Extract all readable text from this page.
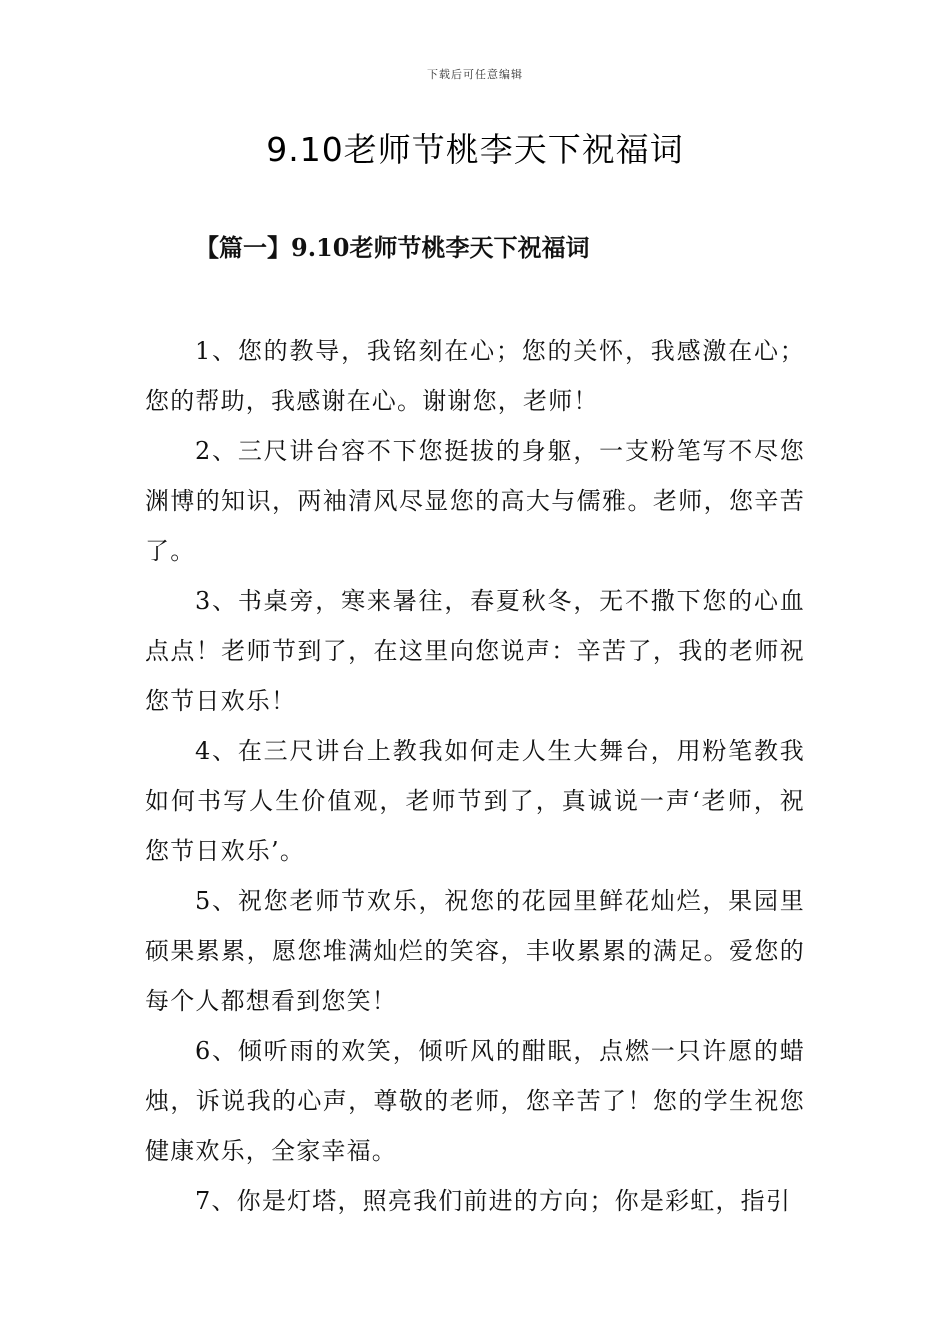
下载后可任意编辑
9.10老师节桃李天下祝福词
【篇一】9.10老师节桃李天下祝福词

1、您的教导，我铭刻在心；您的关怀，我感激在心；您的帮助，我感谢在心。谢谢您，老师！

2、三尺讲台容不下您挺拔的身躯，一支粉笔写不尽您渊博的知识，两袖清风尽显您的高大与儒雅。老师，您辛苦了。

3、书桌旁，寒来暑往，春夏秋冬，无不撒下您的心血点点！老师节到了，在这里向您说声：辛苦了，我的老师祝您节日欢乐！

4、在三尺讲台上教我如何走人生大舞台，用粉笔教我如何书写人生价值观，老师节到了，真诚说一声‘老师，祝您节日欢乐’。

5、祝您老师节欢乐，祝您的花园里鲜花灿烂，果园里硕果累累，愿您堆满灿烂的笑容，丰收累累的满足。爱您的每个人都想看到您笑！

6、倾听雨的欢笑，倾听风的酣眠，点燃一只许愿的蜡烛，诉说我的心声，尊敬的老师，您辛苦了！您的学生祝您健康欢乐，全家幸福。

7、你是灯塔，照亮我们前进的方向；你是彩虹，指引
